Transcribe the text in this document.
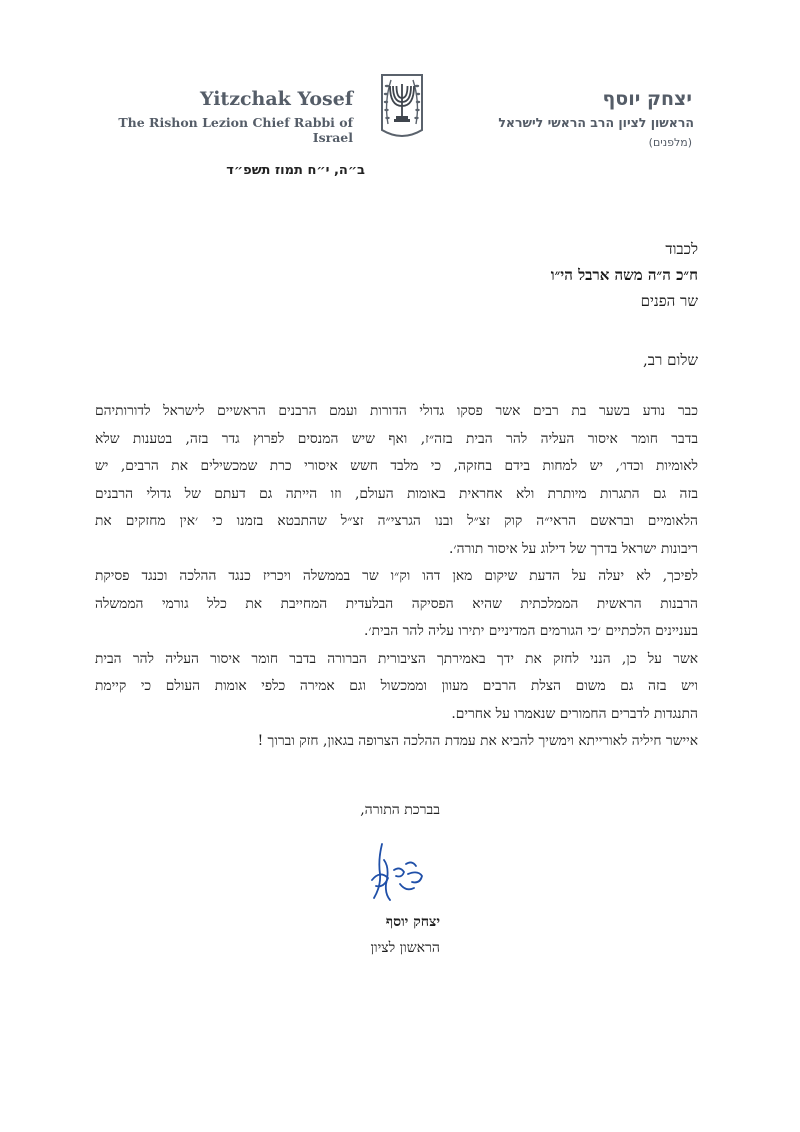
Yitzchak Yosef
The Rishon Lezion Chief Rabbi of Israel
יצחק יוסף
הראשון לציון הרב הראשי לישראל
(מלפנים)
ב״ה, י״ח תמוז תשפ״ד
לכבוד
ח״כ ה״ה משה ארבל הי״ו
שר הפנים
שלום רב,
כבר נודע בשער בת רבים אשר פסקו גדולי הדורות ועמם הרבנים הראשיים לישראל לדורותיהם
בדבר חומר איסור העליה להר הבית בזה״ז, ואף שיש המנסים לפרוץ גדר בזה, בטענות שלא
לאומיות וכדו׳, יש למחות בידם בחזקה, כי מלבד חשש איסורי כרת שמכשילים את הרבים, יש
בזה גם התגרות מיותרת ולא אחראית באומות העולם, וזו הייתה גם דעתם של גדולי הרבנים
הלאומיים ובראשם הראי״ה קוק זצ״ל ובנו הגרצי״ה זצ״ל שהתבטא בזמנו כי ׳אין מחזקים את
ריבונות ישראל בדרך של דילוג על איסור תורה׳.
לפיכך, לא יעלה על הדעת שיקום מאן דהו וק״ו שר בממשלה ויכריז כנגד ההלכה וכנגד פסיקת
הרבנות הראשית הממלכתית שהיא הפסיקה הבלעדית המחייבת את כלל גורמי הממשלה
בעניינים הלכתיים ׳כי הגורמים המדיניים יתירו עליה להר הבית׳.
אשר על כן, הנני לחזק את ידך באמירתך הציבורית הברורה בדבר חומר איסור העליה להר הבית
ויש בזה גם משום הצלת הרבים מעוון וממכשול וגם אמירה כלפי אומות העולם כי קיימת
התנגדות לדברים החמורים שנאמרו על אחרים.
איישר חיליה לאורייתא וימשיך להביא את עמדת ההלכה הצרופה בגאון, חזק וברוך !
בברכת התורה,
יצחק יוסף
הראשון לציון
